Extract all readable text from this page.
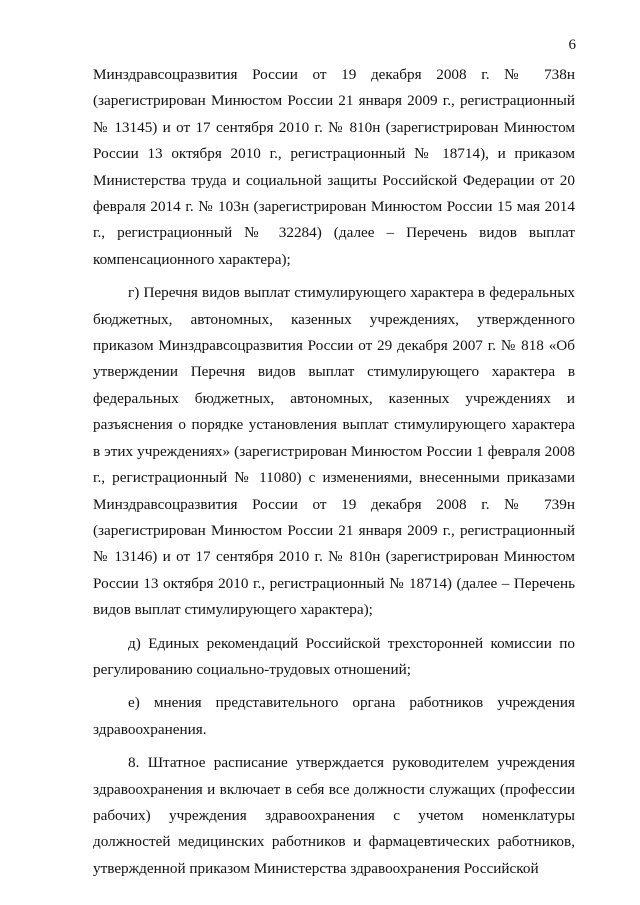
6

Минздравсоцразвития России от 19 декабря 2008 г. № 738н (зарегистрирован Минюстом России 21 января 2009 г., регистрационный № 13145) и от 17 сентября 2010 г. № 810н (зарегистрирован Минюстом России 13 октября 2010 г., регистрационный № 18714), и приказом Министерства труда и социальной защиты Российской Федерации от 20 февраля 2014 г. № 103н (зарегистрирован Минюстом России 15 мая 2014 г., регистрационный № 32284) (далее – Перечень видов выплат компенсационного характера);

г) Перечня видов выплат стимулирующего характера в федеральных бюджетных, автономных, казенных учреждениях, утвержденного приказом Минздравсоцразвития России от 29 декабря 2007 г. № 818 «Об утверждении Перечня видов выплат стимулирующего характера в федеральных бюджетных, автономных, казенных учреждениях и разъяснения о порядке установления выплат стимулирующего характера в этих учреждениях» (зарегистрирован Минюстом России 1 февраля 2008 г., регистрационный № 11080) с изменениями, внесенными приказами Минздравсоцразвития России от 19 декабря 2008 г. № 739н (зарегистрирован Минюстом России 21 января 2009 г., регистрационный № 13146) и от 17 сентября 2010 г. № 810н (зарегистрирован Минюстом России 13 октября 2010 г., регистрационный № 18714) (далее – Перечень видов выплат стимулирующего характера);

д) Единых рекомендаций Российской трехсторонней комиссии по регулированию социально-трудовых отношений;

е) мнения представительного органа работников учреждения здравоохранения.

8. Штатное расписание утверждается руководителем учреждения здравоохранения и включает в себя все должности служащих (профессии рабочих) учреждения здравоохранения с учетом номенклатуры должностей медицинских работников и фармацевтических работников, утвержденной приказом Министерства здравоохранения Российской
